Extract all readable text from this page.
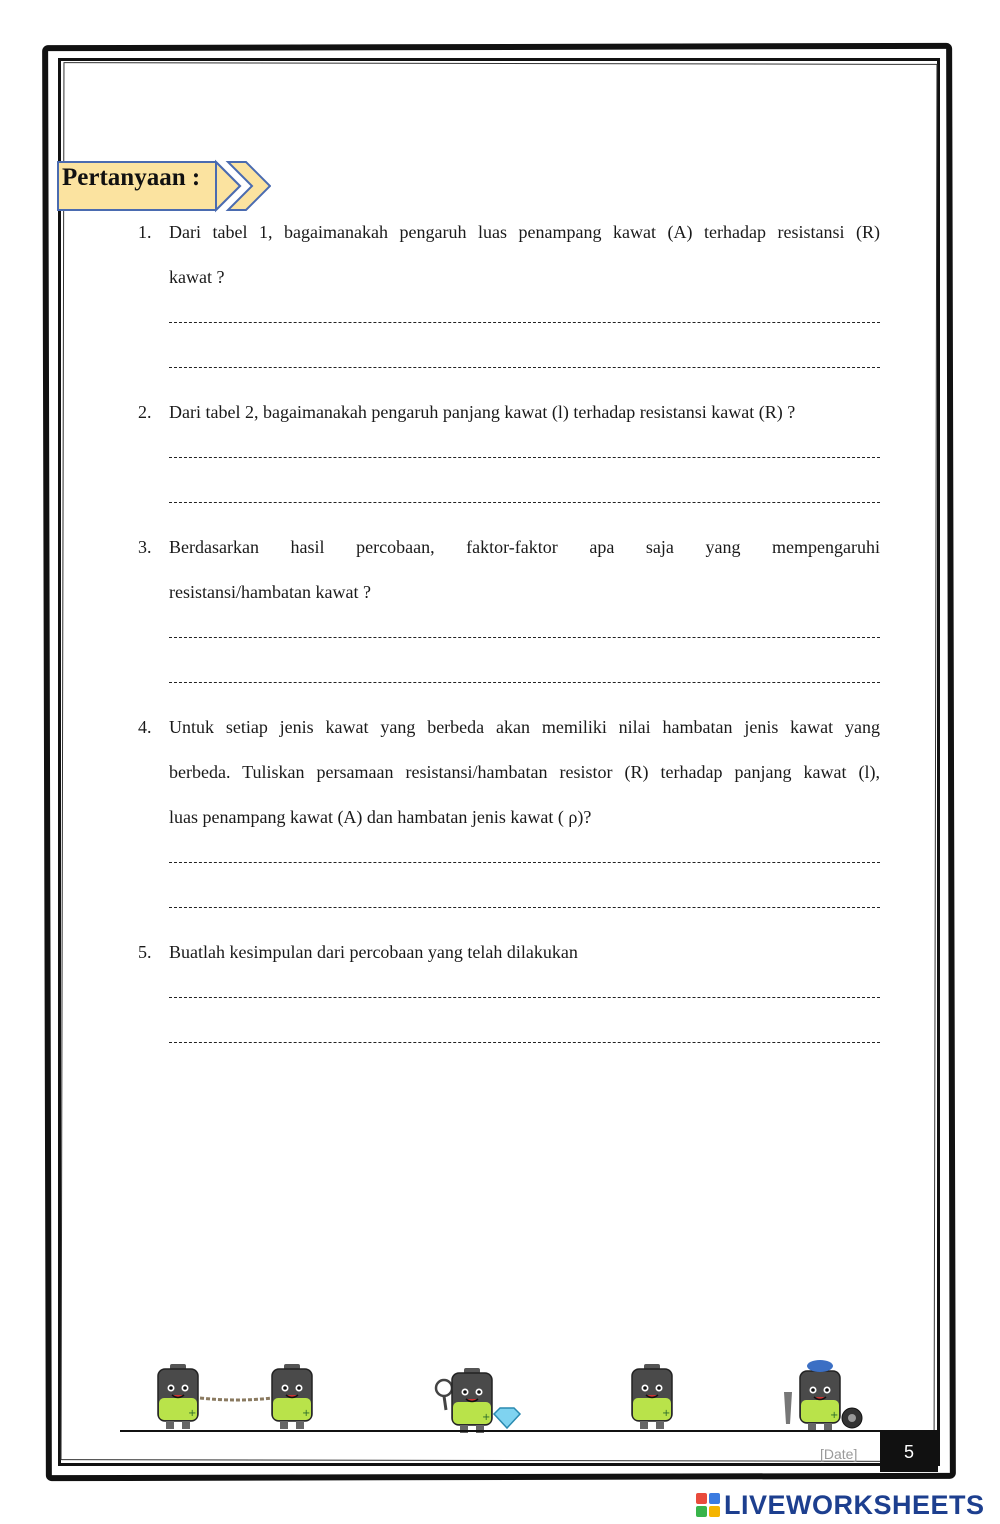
Pertanyaan :
1. Dari tabel 1, bagaimanakah pengaruh luas penampang kawat (A) terhadap resistansi (R)
kawat ?
2. Dari tabel 2, bagaimanakah pengaruh panjang kawat (l) terhadap resistansi kawat (R) ?
3. Berdasarkan hasil percobaan, faktor-faktor apa saja yang mempengaruhi
resistansi/hambatan kawat ?
4. Untuk setiap jenis kawat yang berbeda akan memiliki nilai hambatan jenis kawat yang
berbeda. Tuliskan persamaan resistansi/hambatan resistor (R) terhadap panjang kawat (l),
luas penampang kawat (A) dan hambatan jenis kawat ( ρ)?
5. Buatlah kesimpulan dari percobaan yang telah dilakukan
+
[Date]	5
LIVEWORKSHEETS
